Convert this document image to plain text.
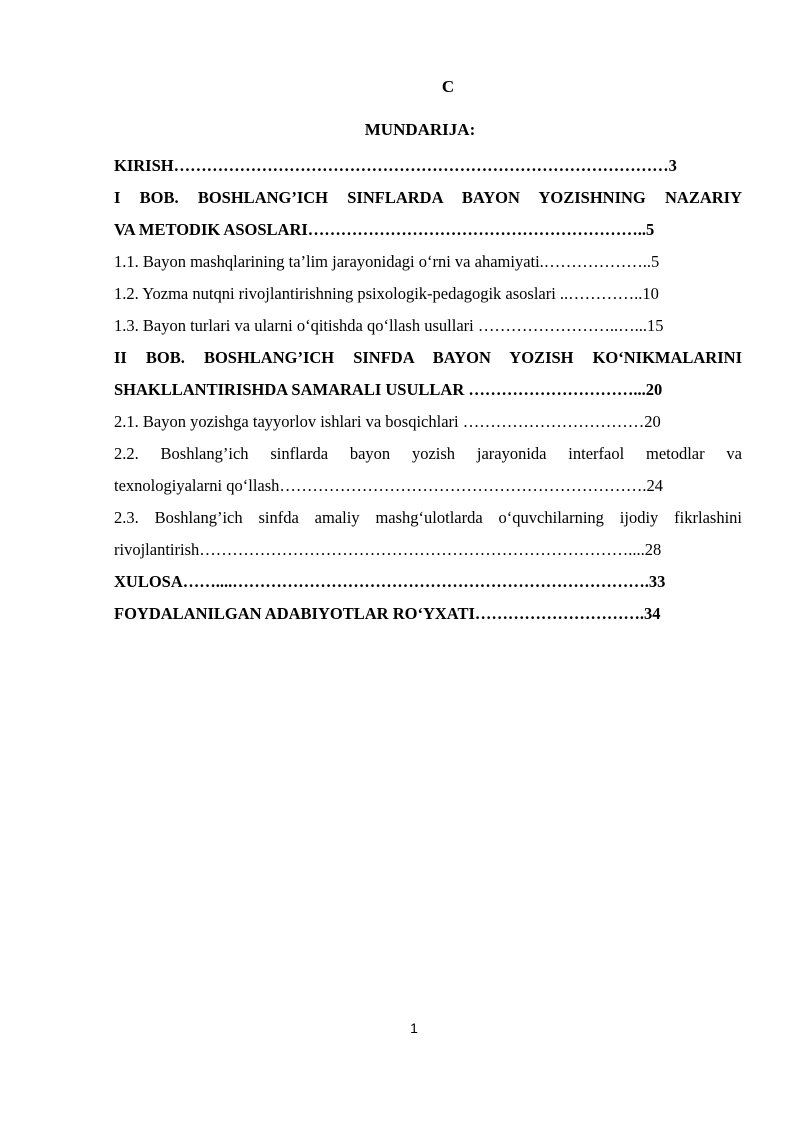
C
MUNDARIJA:
KIRISH………………………………………………………………………………3
I BOB. BOSHLANG’ICH SINFLARDA BAYON YOZISHNING NAZARIY
VA METODIK ASOSLARI……………………………………………………..5
1.1. Bayon mashqlarining ta’lim jarayonidagi o‘rni va ahamiyati.………………..5
1.2. Yozma nutqni rivojlantirishning psixologik-pedagogik asoslari ..…………..10
1.3. Bayon turlari va ularni o‘qitishda qo‘llash usullari ……………………..…...15
II BOB. BOSHLANG’ICH SINFDA BAYON YOZISH KO‘NIKMALARINI
SHAKLLANTIRISHDA SAMARALI USULLAR …………………………...20
2.1. Bayon yozishga tayyorlov ishlari va bosqichlari ……………………………20
2.2. Boshlang’ich sinflarda bayon yozish jarayonida interfaol metodlar va
texnologiyalarni qo‘llash………………………………………………………….24
2.3. Boshlang’ich sinfda amaliy mashg‘ulotlarda o‘quvchilarning ijodiy fikrlashini
rivojlantirish……………………………………………………………………....28
XULOSA……....………………………………………………………………….33
FOYDALANILGAN ADABIYOTLAR RO‘YXATI………………………….34
1
